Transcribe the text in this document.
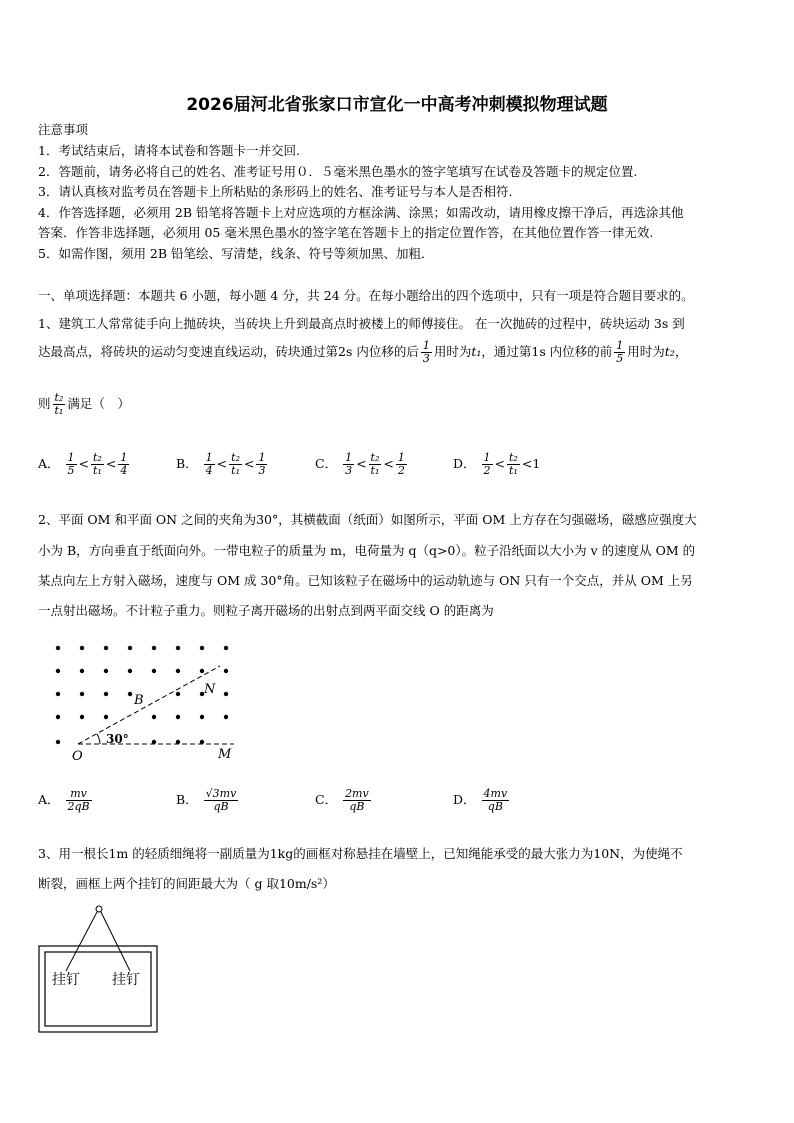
2026届河北省张家口市宣化一中高考冲刺模拟物理试题
注意事项
1．考试结束后，请将本试卷和答题卡一并交回.
2．答题前，请务必将自己的姓名、准考证号用０．５毫米黑色墨水的签字笔填写在试卷及答题卡的规定位置.
3．请认真核对监考员在答题卡上所粘贴的条形码上的姓名、准考证号与本人是否相符.
4．作答选择题，必须用 2B 铅笔将答题卡上对应选项的方框涂满、涂黑；如需改动，请用橡皮擦干净后，再选涂其他
答案．作答非选择题，必须用 05 毫米黑色墨水的签字笔在答题卡上的指定位置作答，在其他位置作答一律无效.
5．如需作图，须用 2B 铅笔绘、写清楚，线条、符号等须加黑、加粗．
一、单项选择题：本题共 6 小题，每小题 4 分，共 24 分。在每小题给出的四个选项中，只有一项是符合题目要求的。
1、建筑工人常常徒手向上抛砖块，当砖块上升到最高点时被楼上的师傅接住。 在一次抛砖的过程中，砖块运动 3s 到
达最高点，将砖块的运动匀变速直线运动，砖块通过第2s 内位移的后 $\frac{1}{3}$ 用时为t₁，通过第1s 内位移的前 $\frac{1}{5}$ 用时为t₂，
则 $\frac{\text{t₂}}{\text{t₁}}$ 满足（　）
A． $\frac{1}{5} < \frac{\text{t₂}}{\text{t₁}} < \frac{1}{4}$	B． $\frac{1}{4} < \frac{\text{t₂}}{\text{t₁}} < \frac{1}{3}$	C． $\frac{1}{3} < \frac{\text{t₂}}{\text{t₁}} < \frac{1}{2}$	D． $\frac{1}{2} < \frac{\text{t₂}}{\text{t₁}} <1$
2、平面 OM 和平面 ON 之间的夹角为30°，其横截面（纸面）如图所示，平面 OM 上方存在匀强磁场，磁感应强度大
小为 B，方向垂直于纸面向外。一带电粒子的质量为 m，电荷量为 q（q>0）。粒子沿纸面以大小为 v 的速度从 OM 的
某点向左上方射入磁场，速度与 OM 成 30°角。已知该粒子在磁场中的运动轨迹与 ON 只有一个交点，并从 OM 上另
一点射出磁场。不计粒子重力。则粒子离开磁场的出射点到两平面交线 O 的距离为
B
N
30°
O	M
A． $\frac{mv}{2qB}$	B． $\frac{√3mv}{qB}$	C． $\frac{2mv}{qB}$	D． $\frac{4mv}{qB}$
3、用一根长1m 的轻质细绳将一副质量为1kg的画框对称悬挂在墙壁上，已知绳能承受的最大张力为10N，为使绳不
断裂，画框上两个挂钉的间距最大为（ g 取10m/s²）
挂钉 挂钉
